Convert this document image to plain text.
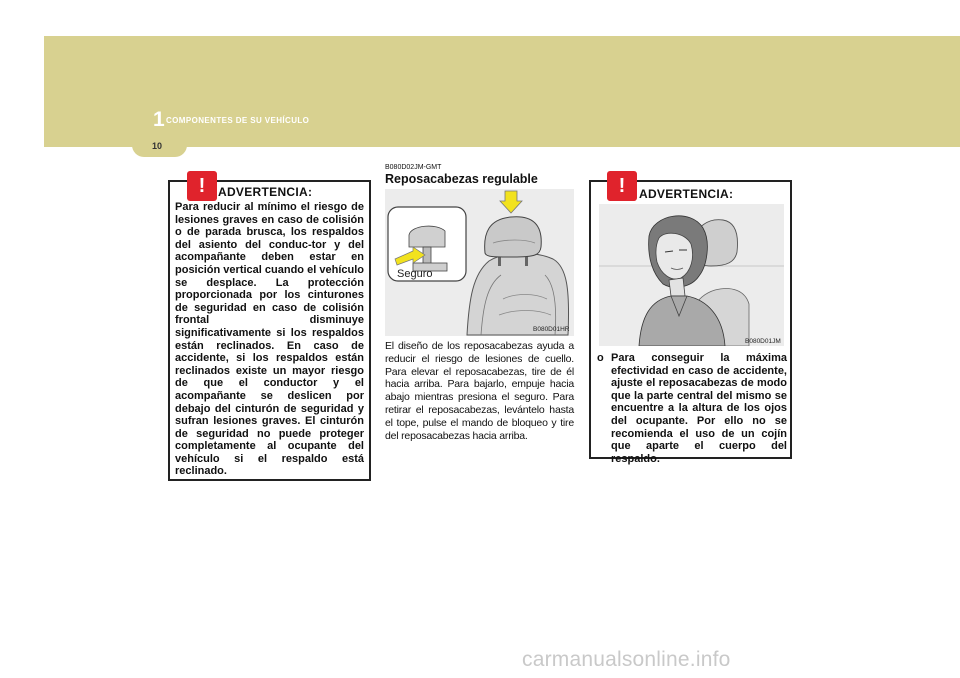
1 COMPONENTES DE SU VEHÍCULO
10
!	ADVERTENCIA:
Para reducir al mínimo el riesgo de lesiones graves en caso de colisión o de parada brusca, los respaldos del asiento del conduc-tor y del acompañante deben estar en posición vertical cuando el vehículo se desplace. La protección proporcionada por los cinturones de seguridad en caso de colisión frontal disminuye significativamente si los respaldos están reclinados. En caso de accidente, si los respaldos están reclinados existe un mayor riesgo de que el conductor y el acompañante se deslicen por debajo del cinturón de seguridad y sufran lesiones graves. El cinturón de seguridad no puede proteger completamente al ocupante del vehículo si el respaldo está reclinado.
B080D02JM-GMT
Reposacabezas regulable
Seguro
B080D01HR
El diseño de los reposacabezas ayuda a reducir el riesgo de lesiones de cuello. Para elevar el reposacabezas, tire de él hacia arriba. Para bajarlo, empuje hacia abajo mientras presiona el seguro. Para retirar el reposacabezas, levántelo hasta el tope, pulse el mando de bloqueo y tire del reposacabezas hacia arriba.
!	ADVERTENCIA:
B080D01JM
o Para conseguir la máxima efectividad en caso de accidente, ajuste el reposacabezas de modo que la parte central del mismo se encuentre a la altura de los ojos del ocupante. Por ello no se recomienda el uso de un cojín que aparte el cuerpo del respaldo.
carmanualsonline.info
